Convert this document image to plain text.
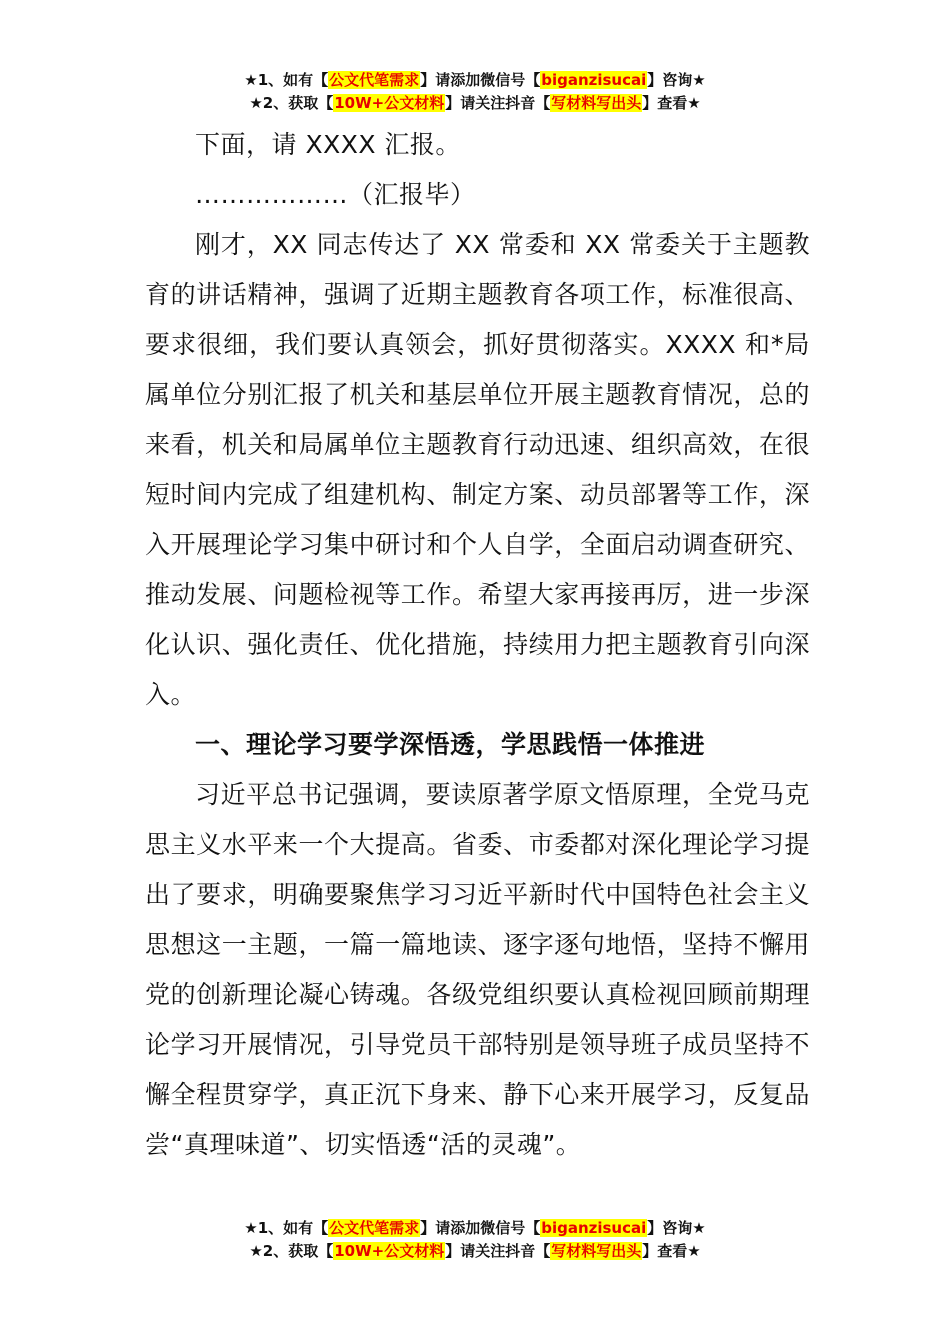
★1、如有【公文代笔需求】请添加微信号【biganzisucai】咨询★
★2、获取【10W+公文材料】请关注抖音【写材料写出头】查看★

下面，请 XXXX 汇报。

………………（汇报毕）

刚才，XX 同志传达了 XX 常委和 XX 常委关于主题教育的讲话精神，强调了近期主题教育各项工作，标准很高、要求很细，我们要认真领会，抓好贯彻落实。XXXX 和*局属单位分别汇报了机关和基层单位开展主题教育情况，总的来看，机关和局属单位主题教育行动迅速、组织高效，在很短时间内完成了组建机构、制定方案、动员部署等工作，深入开展理论学习集中研讨和个人自学，全面启动调查研究、推动发展、问题检视等工作。希望大家再接再厉，进一步深化认识、强化责任、优化措施，持续用力把主题教育引向深入。

一、理论学习要学深悟透，学思践悟一体推进

习近平总书记强调，要读原著学原文悟原理，全党马克思主义水平来一个大提高。省委、市委都对深化理论学习提出了要求，明确要聚焦学习习近平新时代中国特色社会主义思想这一主题，一篇一篇地读、逐字逐句地悟，坚持不懈用党的创新理论凝心铸魂。各级党组织要认真检视回顾前期理论学习开展情况，引导党员干部特别是领导班子成员坚持不懈全程贯穿学，真正沉下身来、静下心来开展学习，反复品尝“真理味道”、切实悟透“活的灵魂”。

★1、如有【公文代笔需求】请添加微信号【biganzisucai】咨询★
★2、获取【10W+公文材料】请关注抖音【写材料写出头】查看★
